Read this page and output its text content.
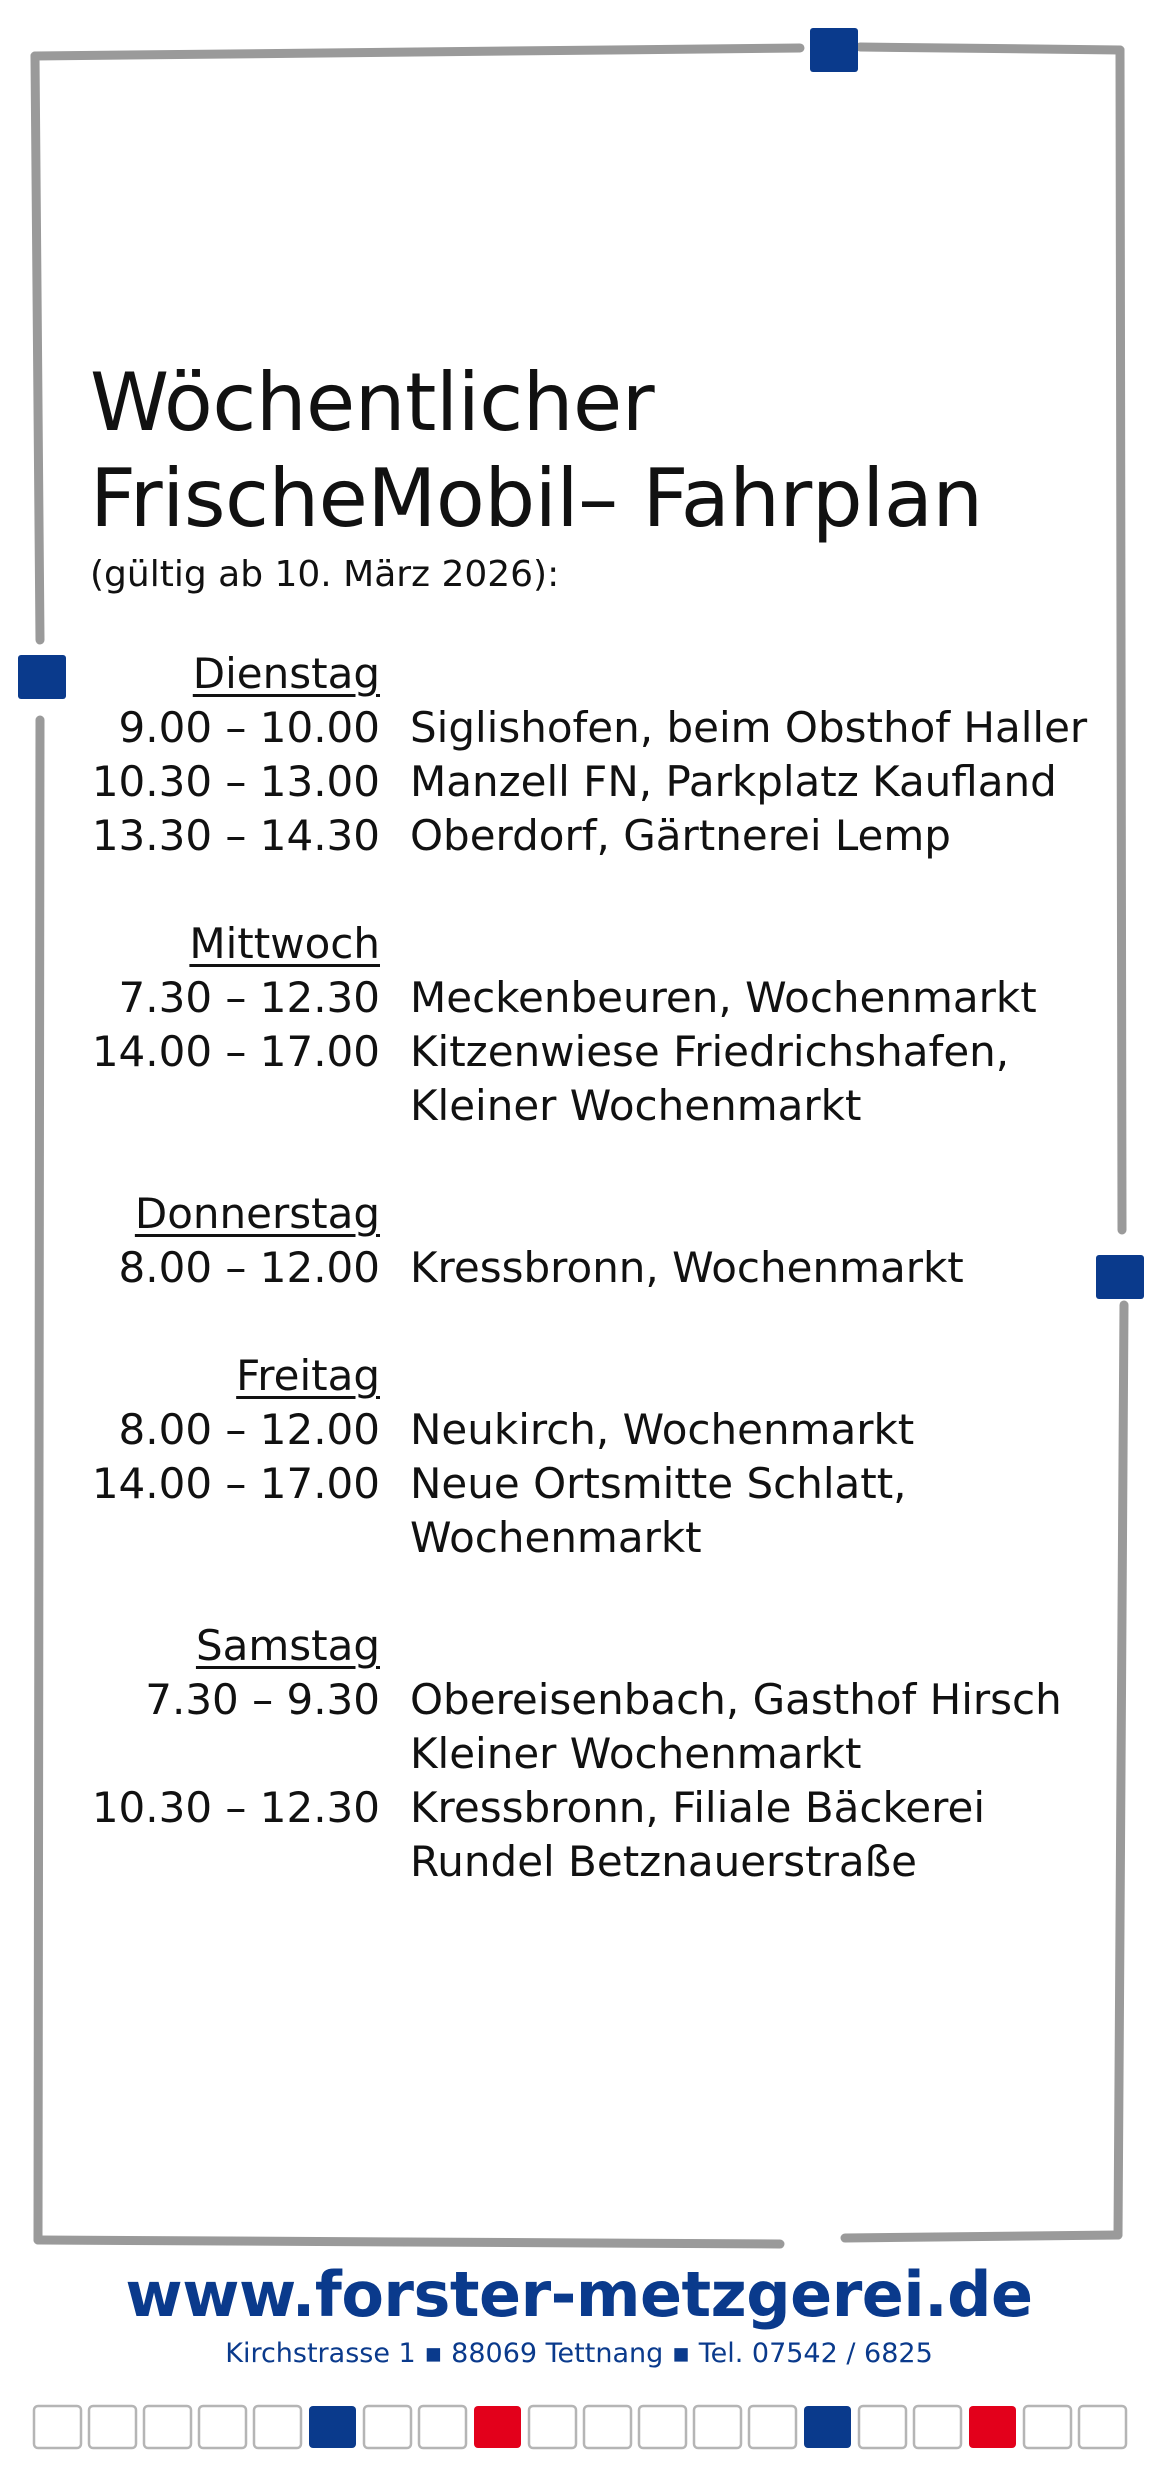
Wöchentlicher
FrischeMobil– Fahrplan
(gültig ab 10. März 2026):
Dienstag
9.00 – 10.00 Siglishofen, beim Obsthof Haller
10.30 – 13.00 Manzell FN, Parkplatz Kaufland
13.30 – 14.30 Oberdorf, Gärtnerei Lemp
Mittwoch
7.30 – 12.30 Meckenbeuren, Wochenmarkt
14.00 – 17.00 Kitzenwiese Friedrichshafen,
Kleiner Wochenmarkt
Donnerstag
8.00 – 12.00 Kressbronn, Wochenmarkt
Freitag
8.00 – 12.00 Neukirch, Wochenmarkt
14.00 – 17.00 Neue Ortsmitte Schlatt,
Wochenmarkt
Samstag
7.30 – 9.30 Obereisenbach, Gasthof Hirsch
Kleiner Wochenmarkt
10.30 – 12.30 Kressbronn, Filiale Bäckerei
Rundel Betznauerstraße
www.forster-metzgerei.de
Kirchstrasse 1 ▪ 88069 Tettnang ▪ Tel. 07542 / 6825
